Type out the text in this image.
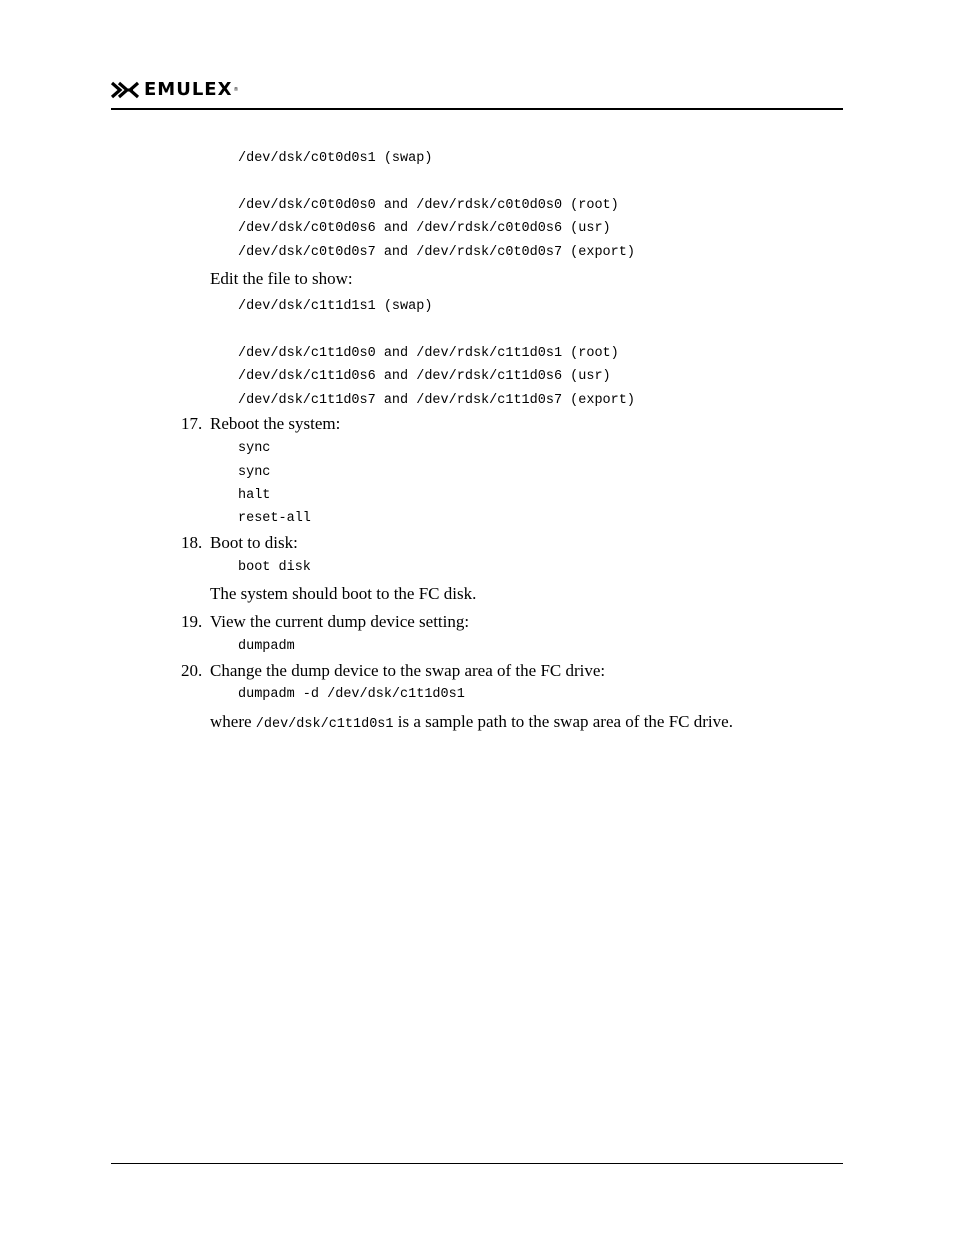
EMULEX ®
/dev/dsk/c0t0d0s1 (swap)
/dev/dsk/c0t0d0s0 and /dev/rdsk/c0t0d0s0 (root)
/dev/dsk/c0t0d0s6 and /dev/rdsk/c0t0d0s6 (usr)
/dev/dsk/c0t0d0s7 and /dev/rdsk/c0t0d0s7 (export)
Edit the file to show:
/dev/dsk/c1t1d1s1 (swap)
/dev/dsk/c1t1d0s0 and /dev/rdsk/c1t1d0s1 (root)
/dev/dsk/c1t1d0s6 and /dev/rdsk/c1t1d0s6 (usr)
/dev/dsk/c1t1d0s7 and /dev/rdsk/c1t1d0s7 (export)
17. Reboot the system:
sync
sync
halt
reset-all
18. Boot to disk:
boot disk
The system should boot to the FC disk.
19. View the current dump device setting:
dumpadm
20. Change the dump device to the swap area of the FC drive:
dumpadm -d /dev/dsk/c1t1d0s1
where /dev/dsk/c1t1d0s1 is a sample path to the swap area of the FC drive.
